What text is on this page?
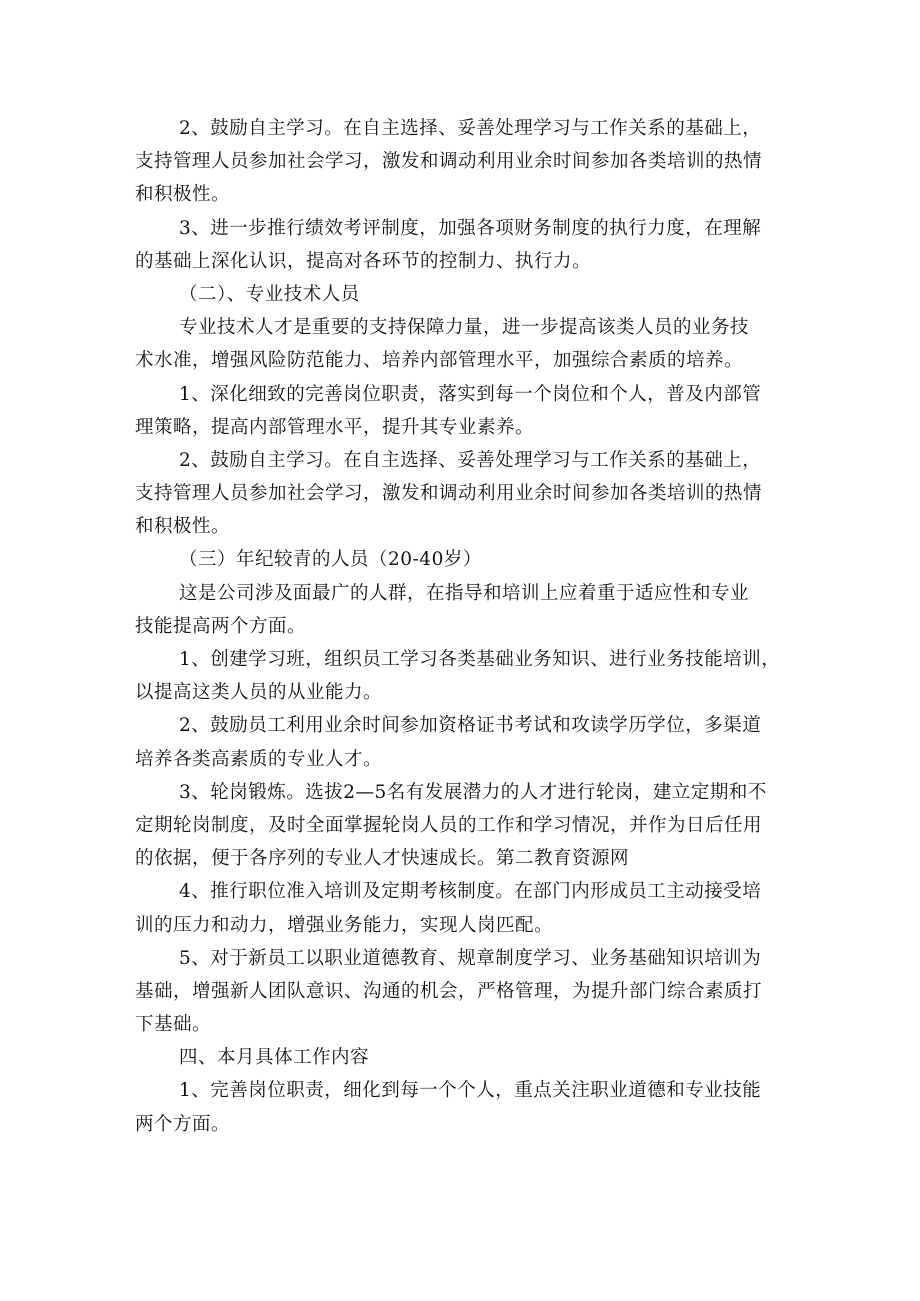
2、鼓励自主学习。在自主选择、妥善处理学习与工作关系的基础上，
支持管理人员参加社会学习，激发和调动利用业余时间参加各类培训的热情
和积极性。
3、进一步推行绩效考评制度，加强各项财务制度的执行力度，在理解
的基础上深化认识，提高对各环节的控制力、执行力。
（二）、专业技术人员
专业技术人才是重要的支持保障力量，进一步提高该类人员的业务技
术水准，增强风险防范能力、培养内部管理水平，加强综合素质的培养。
1、深化细致的完善岗位职责，落实到每一个岗位和个人，普及内部管
理策略，提高内部管理水平，提升其专业素养。
2、鼓励自主学习。在自主选择、妥善处理学习与工作关系的基础上，
支持管理人员参加社会学习，激发和调动利用业余时间参加各类培训的热情
和积极性。
（三）年纪较青的人员（20-40岁）
这是公司涉及面最广的人群，在指导和培训上应着重于适应性和专业
技能提高两个方面。
1、创建学习班，组织员工学习各类基础业务知识、进行业务技能培训，
以提高这类人员的从业能力。
2、鼓励员工利用业余时间参加资格证书考试和攻读学历学位，多渠道
培养各类高素质的专业人才。
3、轮岗锻炼。选拔2—5名有发展潜力的人才进行轮岗，建立定期和不
定期轮岗制度，及时全面掌握轮岗人员的工作和学习情况，并作为日后任用
的依据，便于各序列的专业人才快速成长。第二教育资源网
4、推行职位准入培训及定期考核制度。在部门内形成员工主动接受培
训的压力和动力，增强业务能力，实现人岗匹配。
5、对于新员工以职业道德教育、规章制度学习、业务基础知识培训为
基础，增强新人团队意识、沟通的机会，严格管理，为提升部门综合素质打
下基础。
四、本月具体工作内容
1、完善岗位职责，细化到每一个个人，重点关注职业道德和专业技能
两个方面。
